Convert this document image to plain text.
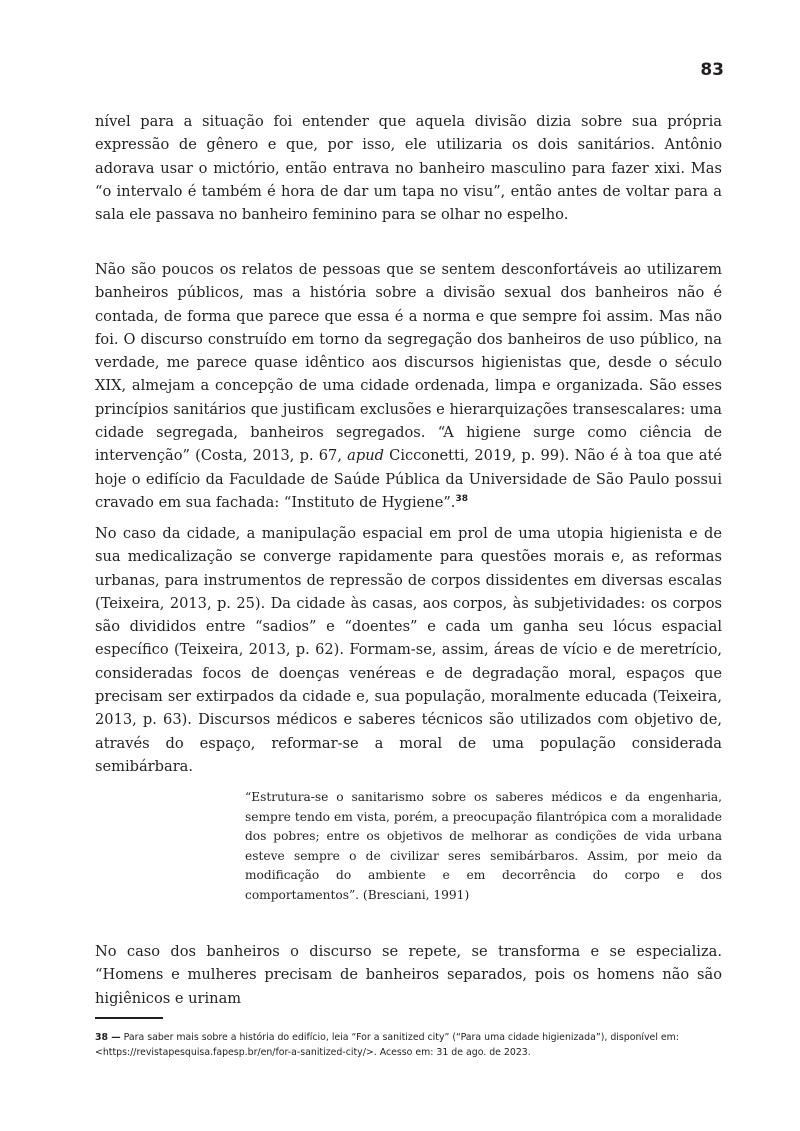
83

nível para a situação foi entender que aquela divisão dizia sobre sua própria expressão de gênero e que, por isso, ele utilizaria os dois sanitários. Antônio adorava usar o mictório, então entrava no banheiro masculino para fazer xixi. Mas “o intervalo é também é hora de dar um tapa no visu”, então antes de voltar para a sala ele passava no banheiro feminino para se olhar no espelho.

Não são poucos os relatos de pessoas que se sentem desconfortáveis ao utilizarem banheiros públicos, mas a história sobre a divisão sexual dos banheiros não é contada, de forma que parece que essa é a norma e que sempre foi assim. Mas não foi. O discurso construído em torno da segregação dos banheiros de uso público, na verdade, me parece quase idêntico aos discursos higienistas que, desde o século XIX, almejam a concepção de uma cidade ordenada, limpa e organizada. São esses princípios sanitários que justificam exclusões e hierarquizações transescalares: uma cidade segregada, banheiros segregados. “A higiene surge como ciência de intervenção” (Costa, 2013, p. 67, apud Cicconetti, 2019, p. 99). Não é à toa que até hoje o edifício da Faculdade de Saúde Pública da Universidade de São Paulo possui cravado em sua fachada: “Instituto de Hygiene”.$^{38}$

No caso da cidade, a manipulação espacial em prol de uma utopia higienista e de sua medicalização se converge rapidamente para questões morais e, as reformas urbanas, para instrumentos de repressão de corpos dissidentes em diversas escalas (Teixeira, 2013, p. 25). Da cidade às casas, aos corpos, às subjetividades: os corpos são divididos entre “sadios” e “doentes” e cada um ganha seu lócus espacial específico (Teixeira, 2013, p. 62). Formam-se, assim, áreas de vício e de meretrício, consideradas focos de doenças venéreas e de degradação moral, espaços que precisam ser extirpados da cidade e, sua população, moralmente educada (Teixeira, 2013, p. 63). Discursos médicos e saberes técnicos são utilizados com objetivo de, através do espaço, reformar-se a moral de uma população considerada semibárbara.

“Estrutura-se o sanitarismo sobre os saberes médicos e da engenharia, sempre tendo em vista, porém, a preocupação filantrópica com a moralidade dos pobres; entre os objetivos de melhorar as condições de vida urbana esteve sempre o de civilizar seres semibárbaros. Assim, por meio da modificação do ambiente e em decorrência do corpo e dos comportamentos”. (Bresciani, 1991)

No caso dos banheiros o discurso se repete, se transforma e se especializa. “Homens e mulheres precisam de banheiros separados, pois os homens não são higiênicos e urinam

38 — Para saber mais sobre a história do edifício, leia “For a sanitized city” (“Para uma cidade higienizada”), disponível em: <https://revistapesquisa.fapesp.br/en/for-a-sanitized-city/>. Acesso em: 31 de ago. de 2023.
